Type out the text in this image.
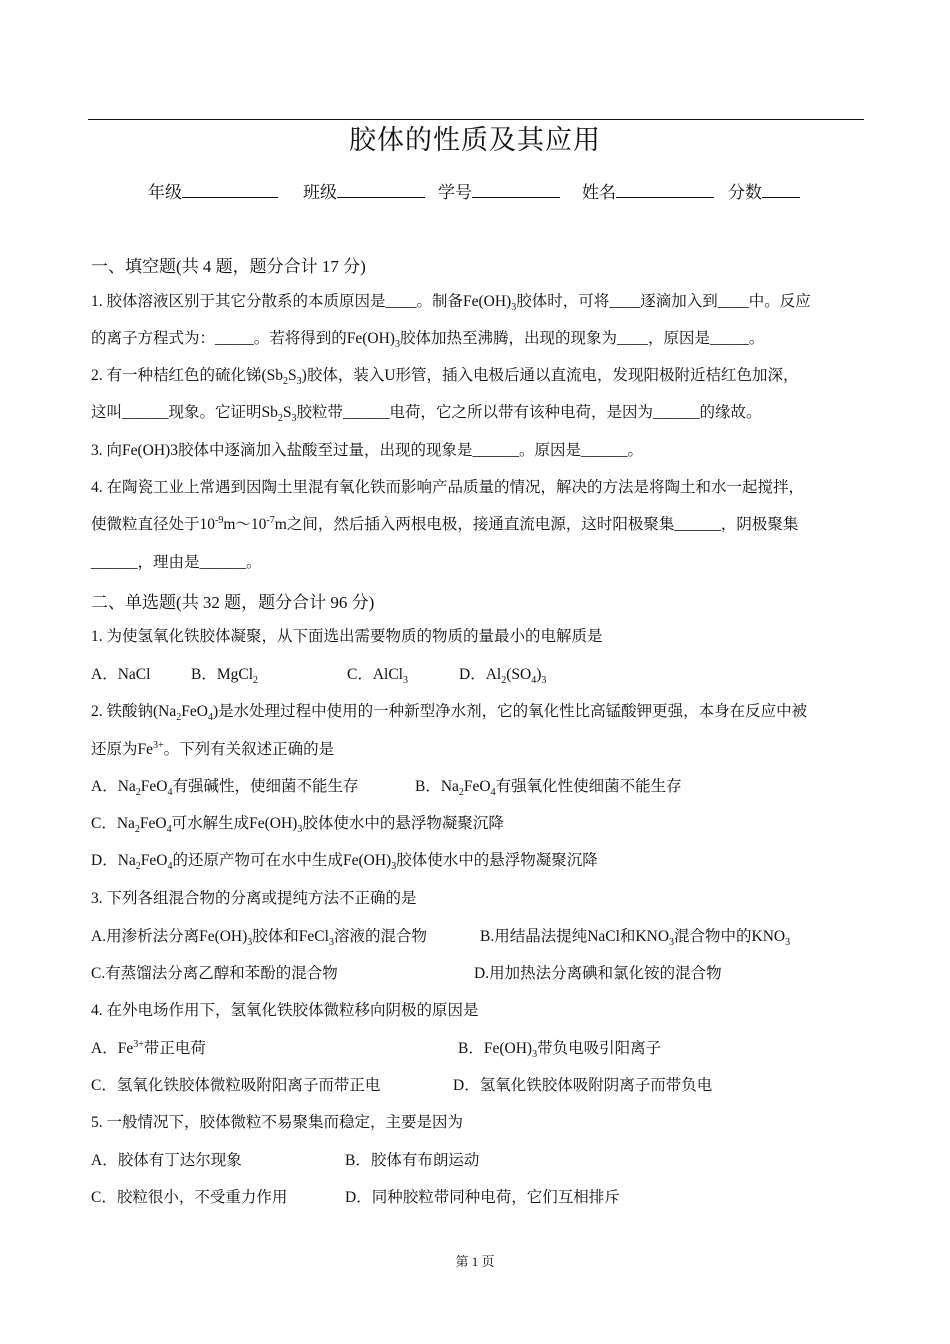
胶体的性质及其应用
年级	班级	学号	姓名	分数
一、填空题(共 4 题，题分合计 17 分)
1. 胶体溶液区别于其它分散系的本质原因是____。制备$Fe(OH)_3$胶体时，可将____逐滴加入到____中。反应
的离子方程式为：_____。若将得到的$Fe(OH)_3$胶体加热至沸腾，出现的现象为____，原因是_____。
2. 有一种桔红色的硫化锑$(Sb_2S_3)$胶体，装入U形管，插入电极后通以直流电，发现阳极附近桔红色加深，
这叫______现象。它证明$Sb_2S_3$胶粒带______电荷，它之所以带有该种电荷，是因为______的缘故。
3. 向Fe(OH)3胶体中逐滴加入盐酸至过量，出现的现象是______。原因是______。
4. 在陶瓷工业上常遇到因陶土里混有氧化铁而影响产品质量的情况，解决的方法是将陶土和水一起搅拌，
使微粒直径处于$10^{-9}m\sim 10^{-7}m$之间，然后插入两根电极，接通直流电源，这时阳极聚集______，阴极聚集
______，理由是______。
二、单选题(共 32 题，题分合计 96 分)
1. 为使氢氧化铁胶体凝聚，从下面选出需要物质的物质的量最小的电解质是
A．NaCl	B．MgCl$_2$	C．AlCl$_3$	D．$Al_2(SO_4)_3$
2. 铁酸钠$(Na_2FeO_4)$是水处理过程中使用的一种新型净水剂，它的氧化性比高锰酸钾更强，本身在反应中被
还原为$Fe^{3+}$。下列有关叙述正确的是
A．$Na_2FeO_4$有强碱性，使细菌不能生存	B．$Na_2FeO_4$有强氧化性使细菌不能生存
C．$Na_2FeO_4$可水解生成$Fe(OH)_3$胶体使水中的悬浮物凝聚沉降
D．$Na_2FeO_4$的还原产物可在水中生成$Fe(OH)_3$胶体使水中的悬浮物凝聚沉降
3. 下列各组混合物的分离或提纯方法不正确的是
A.用渗析法分离$Fe(OH)_3$胶体和FeCl$_3$溶液的混合物	B.用结晶法提纯NaCl和$KNO_3$混合物中的$KNO_3$
C.有蒸馏法分离乙醇和苯酚的混合物	D.用加热法分离碘和氯化铵的混合物
4. 在外电场作用下，氢氧化铁胶体微粒移向阴极的原因是
A．$Fe^{3+}$带正电荷	B．$Fe(OH)_3$带负电吸引阳离子
C．氢氧化铁胶体微粒吸附阳离子而带正电	D．氢氧化铁胶体吸附阴离子而带负电
5. 一般情况下，胶体微粒不易聚集而稳定，主要是因为
A．胶体有丁达尔现象	B．胶体有布朗运动
C．胶粒很小，不受重力作用	D．同种胶粒带同种电荷，它们互相排斥
第 1 页
